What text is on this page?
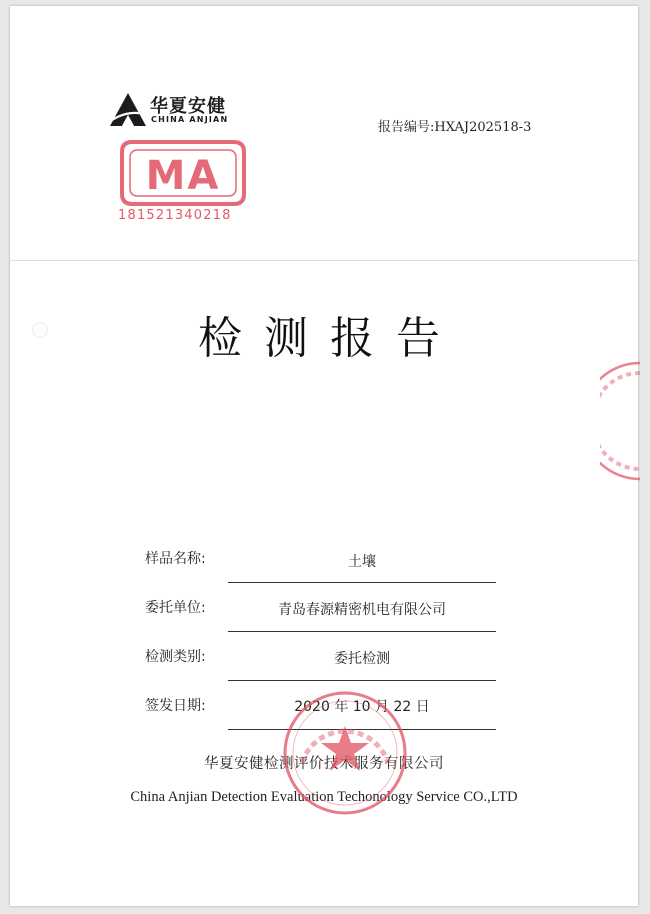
华夏安健
CHINA ANJIAN
报告编号:HXAJ202518-3
MA
181521340218
检测报告
样品名称:	土壤
委托单位:	青岛春源精密机电有限公司
检测类别:	委托检测
签发日期:	2020 年 10 月 22 日
华夏安健检测评价技术服务有限公司
China Anjian Detection Evaluation Techonology Service CO.,LTD
